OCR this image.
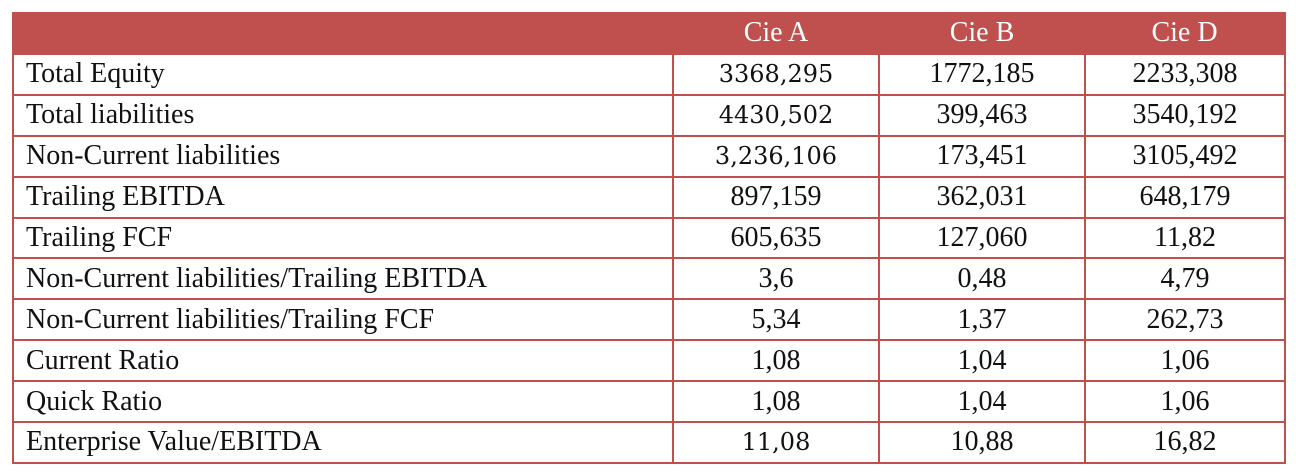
	Cie A	Cie B	Cie D
Total Equity	3368,295	1772,185	2233,308
Total liabilities	4430,502	399,463	3540,192
Non-Current liabilities	3,236,106	173,451	3105,492
Trailing EBITDA	897,159	362,031	648,179
Trailing FCF	605,635	127,060	11,82
Non-Current liabilities/Trailing EBITDA	3,6	0,48	4,79
Non-Current liabilities/Trailing FCF	5,34	1,37	262,73
Current Ratio	1,08	1,04	1,06
Quick Ratio	1,08	1,04	1,06
Enterprise Value/EBITDA	11,08	10,88	16,82
